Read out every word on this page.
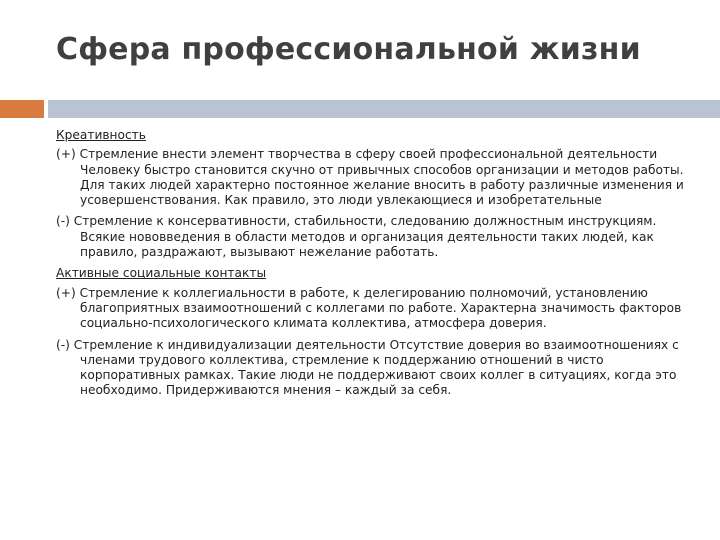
Сфера профессиональной жизни
Креативность
(+) Стремление внести элемент творчества в сферу своей профессиональной деятельности Человеку быстро становится скучно от привычных способов организации и методов работы. Для таких людей характерно постоянное желание вносить в работу различные изменения и усовершенствования. Как правило, это люди увлекающиеся и изобретательные
(-) Стремление к консервативности, стабильности, следованию должностным инструкциям. Всякие нововведения в области методов и организация деятельности таких людей, как правило, раздражают, вызывают нежелание работать.
Активные социальные контакты
(+) Стремление к коллегиальности в работе, к делегированию полномочий, установлению благоприятных взаимоотношений с коллегами по работе. Характерна значимость факторов социально-психологического климата коллектива, атмосфера доверия.
(-) Стремление к индивидуализации деятельности Отсутствие доверия во взаимоотношениях с членами трудового коллектива, стремление к поддержанию отношений в чисто корпоративных рамках. Такие люди не поддерживают своих коллег в ситуациях, когда это необходимо. Придерживаются мнения – каждый за себя.
